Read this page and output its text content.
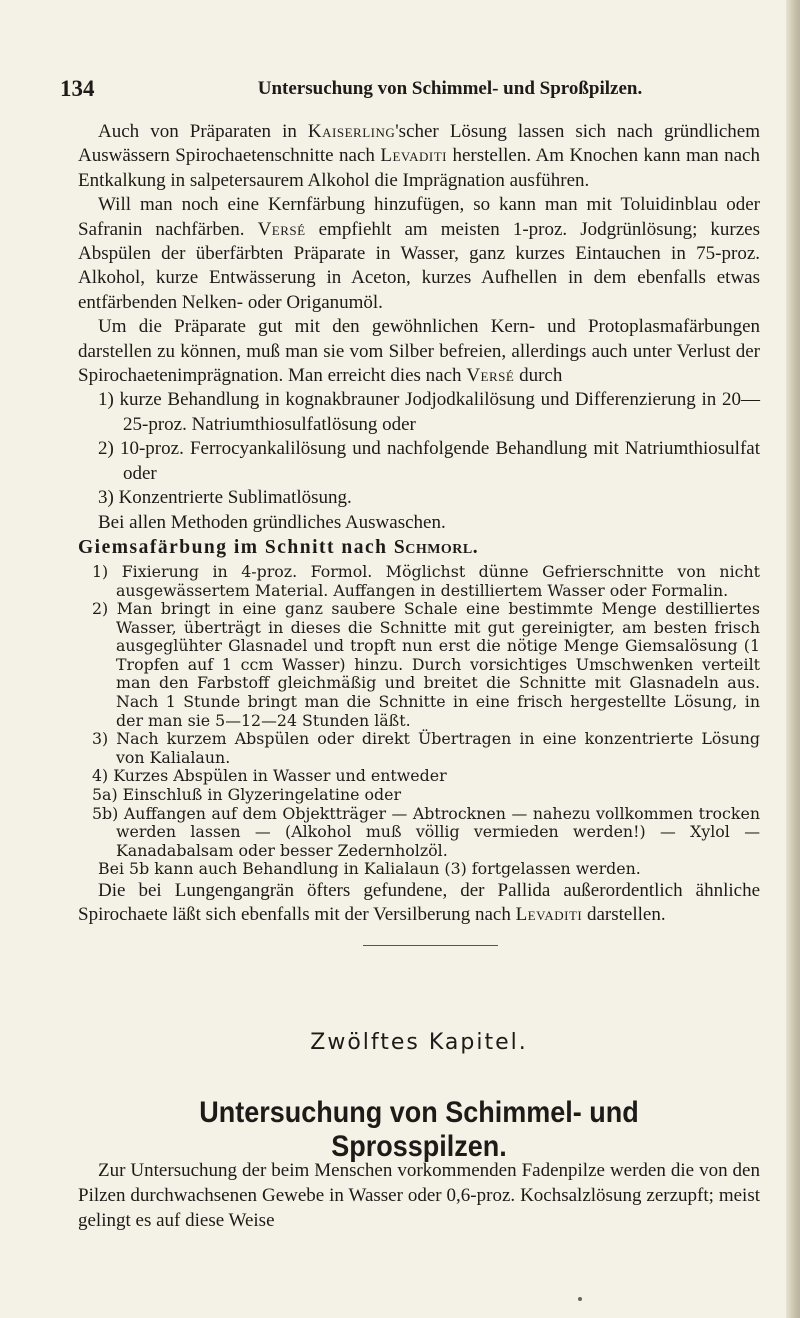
134	Untersuchung von Schimmel- und Sproßpilzen.

Auch von Präparaten in Kaiserling'scher Lösung lassen sich nach gründlichem Auswässern Spirochaetenschnitte nach Levaditi herstellen. Am Knochen kann man nach Entkalkung in salpetersaurem Alkohol die Imprägnation ausführen.

Will man noch eine Kernfärbung hinzufügen, so kann man mit Toluidinblau oder Safranin nachfärben. Versé empfiehlt am meisten 1-proz. Jodgrünlösung; kurzes Abspülen der überfärbten Präparate in Wasser, ganz kurzes Eintauchen in 75-proz. Alkohol, kurze Entwässerung in Aceton, kurzes Aufhellen in dem ebenfalls etwas entfärbenden Nelken- oder Origanumöl.

Um die Präparate gut mit den gewöhnlichen Kern- und Protoplasmafärbungen darstellen zu können, muß man sie vom Silber befreien, allerdings auch unter Verlust der Spirochaetenimprägnation. Man erreicht dies nach Versé durch

1) kurze Behandlung in kognakbrauner Jodjodkalilösung und Differenzierung in 20—25-proz. Natriumthiosulfatlösung oder

2) 10-proz. Ferrocyankalilösung und nachfolgende Behandlung mit Natriumthiosulfat oder

3) Konzentrierte Sublimatlösung.

Bei allen Methoden gründliches Auswaschen.

Giemsafärbung im Schnitt nach Schmorl.

1) Fixierung in 4-proz. Formol. Möglichst dünne Gefrierschnitte von nicht ausgewässertem Material. Auffangen in destilliertem Wasser oder Formalin.

2) Man bringt in eine ganz saubere Schale eine bestimmte Menge destilliertes Wasser, überträgt in dieses die Schnitte mit gut gereinigter, am besten frisch ausgeglühter Glasnadel und tropft nun erst die nötige Menge Giemsalösung (1 Tropfen auf 1 ccm Wasser) hinzu. Durch vorsichtiges Umschwenken verteilt man den Farbstoff gleichmäßig und breitet die Schnitte mit Glasnadeln aus. Nach 1 Stunde bringt man die Schnitte in eine frisch hergestellte Lösung, in der man sie 5—12—24 Stunden läßt.

3) Nach kurzem Abspülen oder direkt Übertragen in eine konzentrierte Lösung von Kalialaun.

4) Kurzes Abspülen in Wasser und entweder

5a) Einschluß in Glyzeringelatine oder

5b) Auffangen auf dem Objektträger — Abtrocknen — nahezu vollkommen trocken werden lassen — (Alkohol muß völlig vermieden werden!) — Xylol — Kanadabalsam oder besser Zedernholzöl.

Bei 5b kann auch Behandlung in Kalialaun (3) fortgelassen werden.

Die bei Lungengangrän öfters gefundene, der Pallida außerordentlich ähnliche Spirochaete läßt sich ebenfalls mit der Versilberung nach Levaditi darstellen.

Zwölftes Kapitel.
Untersuchung von Schimmel- und Sprosspilzen.

Zur Untersuchung der beim Menschen vorkommenden Fadenpilze werden die von den Pilzen durchwachsenen Gewebe in Wasser oder 0,6-proz. Kochsalzlösung zerzupft; meist gelingt es auf diese Weise
